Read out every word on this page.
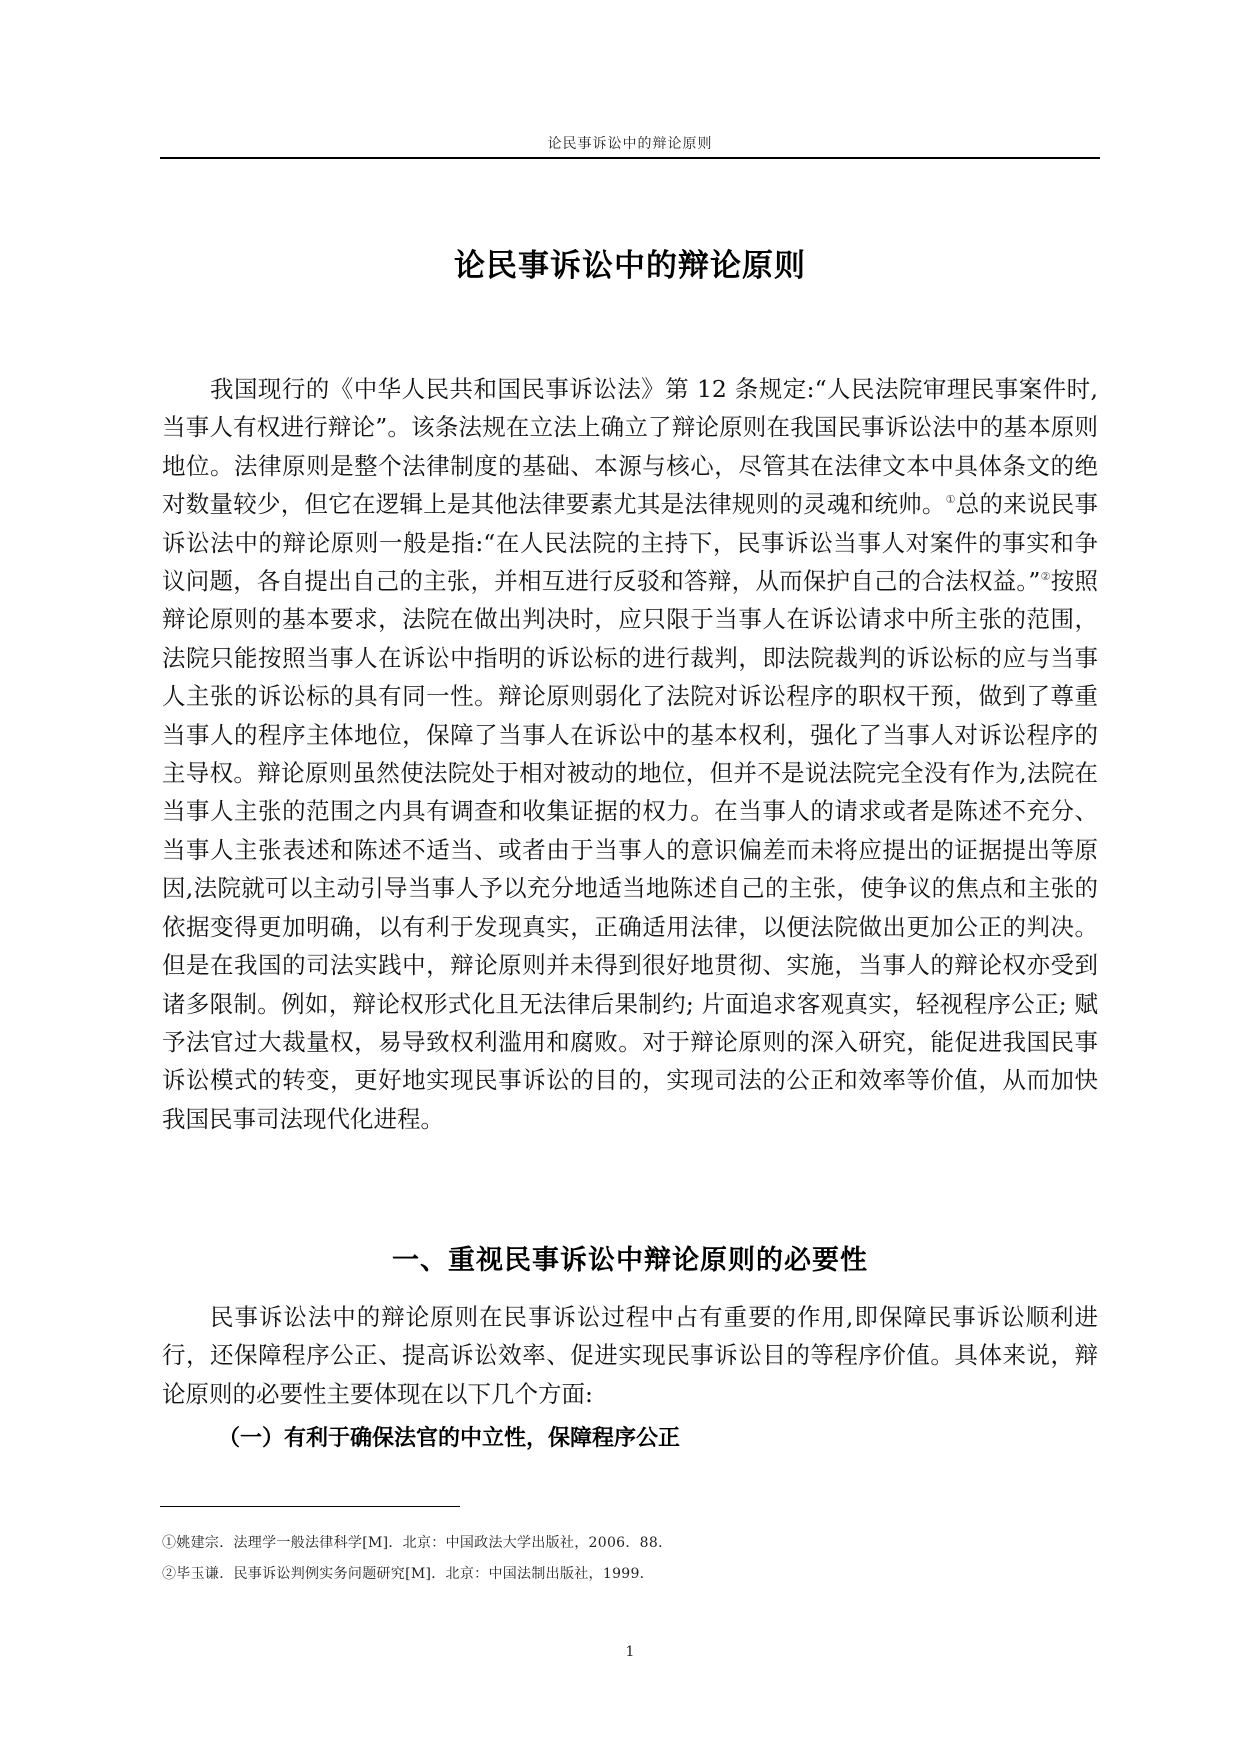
论民事诉讼中的辩论原则
论民事诉讼中的辩论原则

我国现行的《中华人民共和国民事诉讼法》第 12 条规定:“人民法院审理民事案件时,当事人有权进行辩论”。该条法规在立法上确立了辩论原则在我国民事诉讼法中的基本原则地位。法律原则是整个法律制度的基础、本源与核心，尽管其在法律文本中具体条文的绝对数量较少，但它在逻辑上是其他法律要素尤其是法律规则的灵魂和统帅。①总的来说民事诉讼法中的辩论原则一般是指:“在人民法院的主持下，民事诉讼当事人对案件的事实和争议问题，各自提出自己的主张，并相互进行反驳和答辩，从而保护自己的合法权益。”②按照辩论原则的基本要求，法院在做出判决时，应只限于当事人在诉讼请求中所主张的范围，法院只能按照当事人在诉讼中指明的诉讼标的进行裁判，即法院裁判的诉讼标的应与当事人主张的诉讼标的具有同一性。辩论原则弱化了法院对诉讼程序的职权干预，做到了尊重当事人的程序主体地位，保障了当事人在诉讼中的基本权利，强化了当事人对诉讼程序的主导权。辩论原则虽然使法院处于相对被动的地位，但并不是说法院完全没有作为,法院在当事人主张的范围之内具有调查和收集证据的权力。在当事人的请求或者是陈述不充分、当事人主张表述和陈述不适当、或者由于当事人的意识偏差而未将应提出的证据提出等原因,法院就可以主动引导当事人予以充分地适当地陈述自己的主张，使争议的焦点和主张的依据变得更加明确，以有利于发现真实，正确适用法律，以便法院做出更加公正的判决。但是在我国的司法实践中，辩论原则并未得到很好地贯彻、实施，当事人的辩论权亦受到诸多限制。例如，辩论权形式化且无法律后果制约; 片面追求客观真实，轻视程序公正; 赋予法官过大裁量权，易导致权利滥用和腐败。对于辩论原则的深入研究，能促进我国民事诉讼模式的转变，更好地实现民事诉讼的目的，实现司法的公正和效率等价值，从而加快我国民事司法现代化进程。

一、重视民事诉讼中辩论原则的必要性

民事诉讼法中的辩论原则在民事诉讼过程中占有重要的作用,即保障民事诉讼顺利进行，还保障程序公正、提高诉讼效率、促进实现民事诉讼目的等程序价值。具体来说，辩论原则的必要性主要体现在以下几个方面:

（一）有利于确保法官的中立性，保障程序公正
①姚建宗．法理学一般法律科学[M]．北京：中国政法大学出版社，2006．88．
②毕玉谦．民事诉讼判例实务问题研究[M]．北京：中国法制出版社，1999．
1
